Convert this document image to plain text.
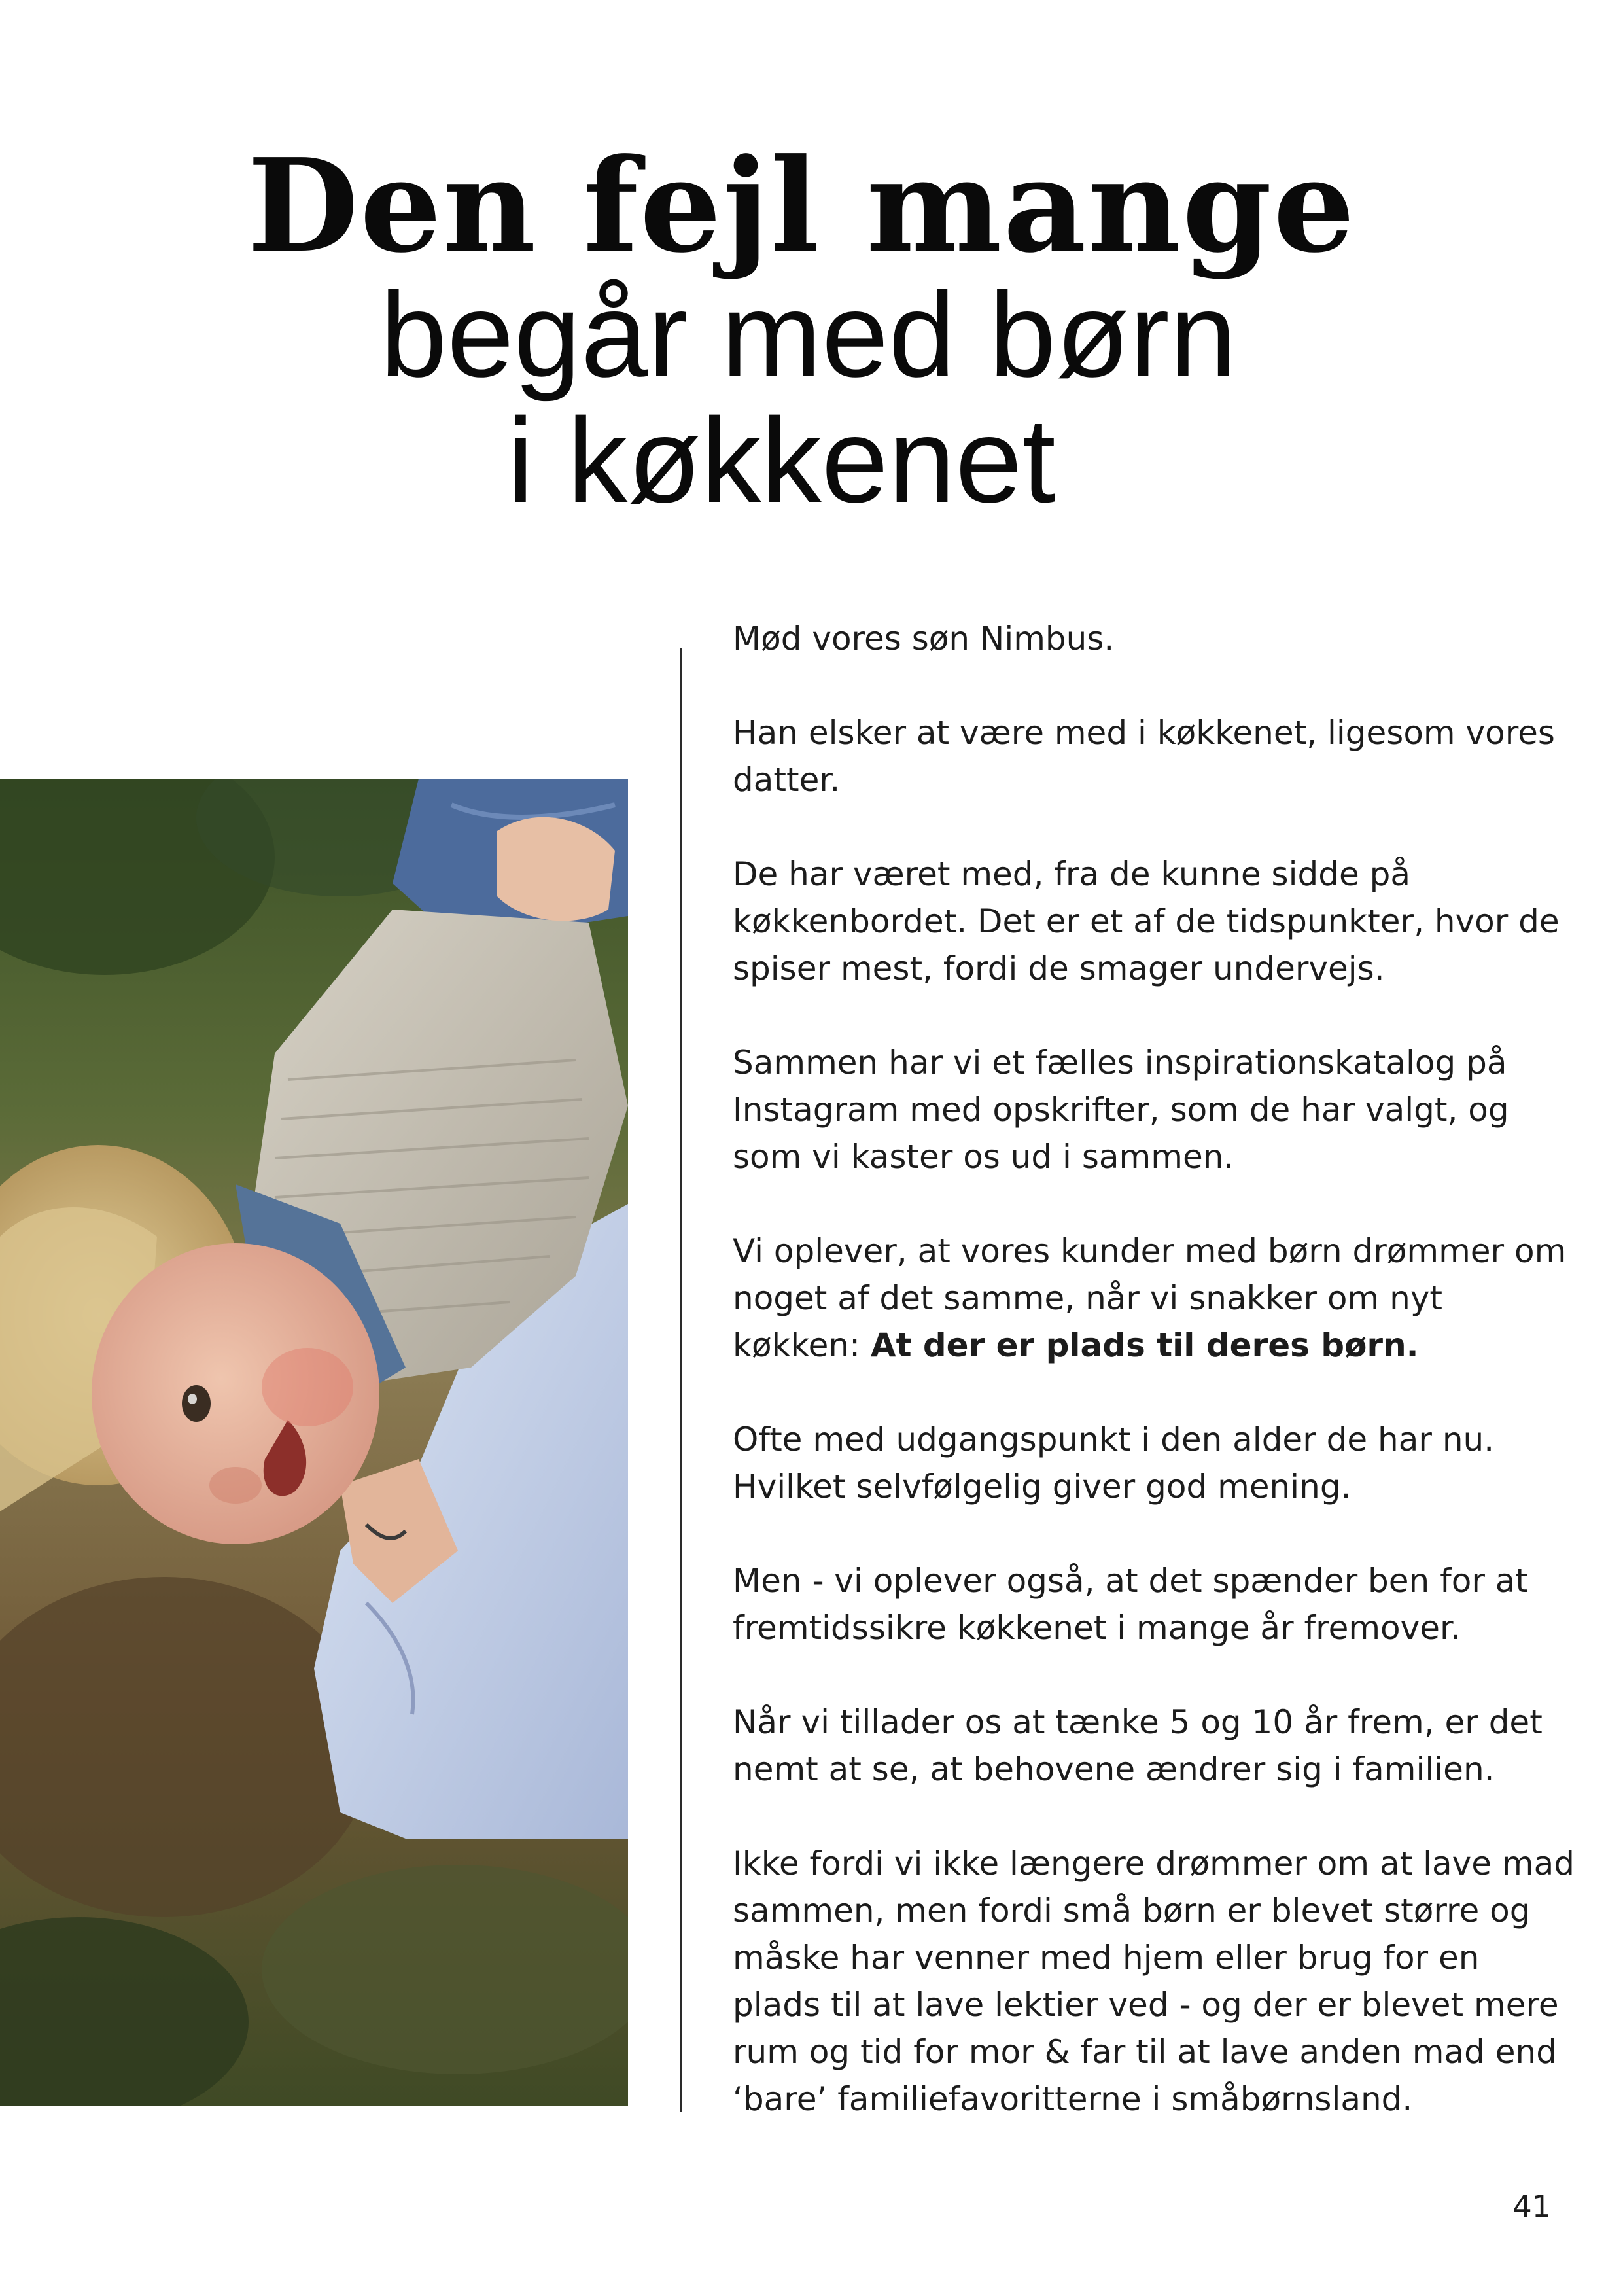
Den fejl mange
begår med børn
i køkkenet

Mød vores søn Nimbus.

Han elsker at være med i køkkenet, ligesom vores datter.

De har været med, fra de kunne sidde på køkkenbordet. Det er et af de tidspunkter, hvor de spiser mest, fordi de smager undervejs.

Sammen har vi et fælles inspirationskatalog på Instagram med opskrifter, som de har valgt, og som vi kaster os ud i sammen.

Vi oplever, at vores kunder med børn drømmer om noget af det samme, når vi snakker om nyt køkken: At der er plads til deres børn.

Ofte med udgangspunkt i den alder de har nu. Hvilket selvfølgelig giver god mening.

Men - vi oplever også, at det spænder ben for at fremtidssikre køkkenet i mange år fremover.

Når vi tillader os at tænke 5 og 10 år frem, er det nemt at se, at behovene ændrer sig i familien.

Ikke fordi vi ikke længere drømmer om at lave mad sammen, men fordi små børn er blevet større og måske har venner med hjem eller brug for en plads til at lave lektier ved - og der er blevet mere rum og tid for mor & far til at lave anden mad end ‘bare’ familiefavoritterne i småbørnsland.

41
